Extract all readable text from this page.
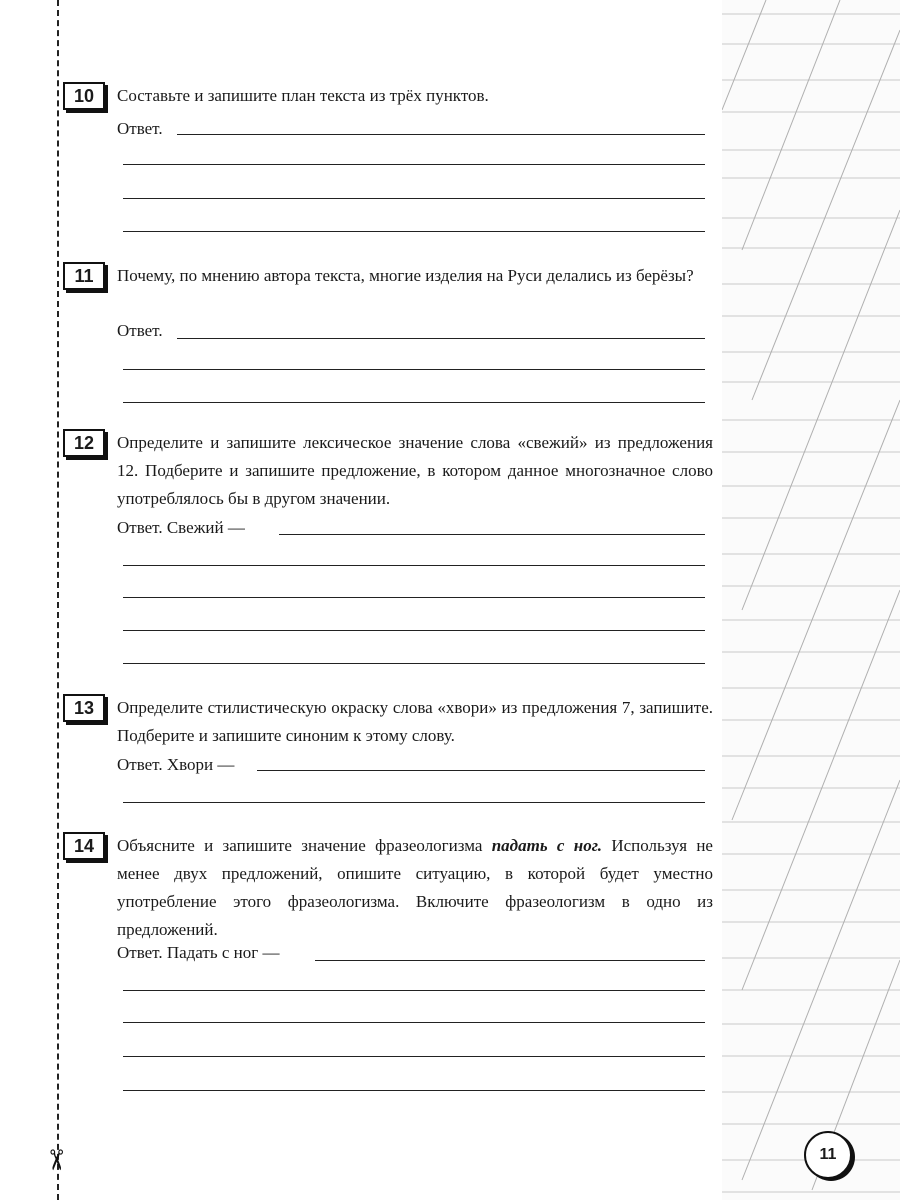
✂
10	Составьте и запишите план текста из трёх пунктов.
Ответ.
11	Почему, по мнению автора текста, многие изделия на Руси делались из берёзы?
Ответ.
12	Определите и запишите лексическое значение слова «свежий» из предложения 12. Подберите и запишите предложение, в котором данное многозначное слово употреблялось бы в другом значении.
Ответ. Свежий —
13	Определите стилистическую окраску слова «хвори» из предложения 7, запишите. Подберите и запишите синоним к этому слову.
Ответ. Хвори —
14	Объясните и запишите значение фразеологизма падать с ног. Используя не менее двух предложений, опишите ситуацию, в которой будет уместно употребление этого фразеологизма. Включите фразеологизм в одно из предложений.
Ответ. Падать с ног —
11
